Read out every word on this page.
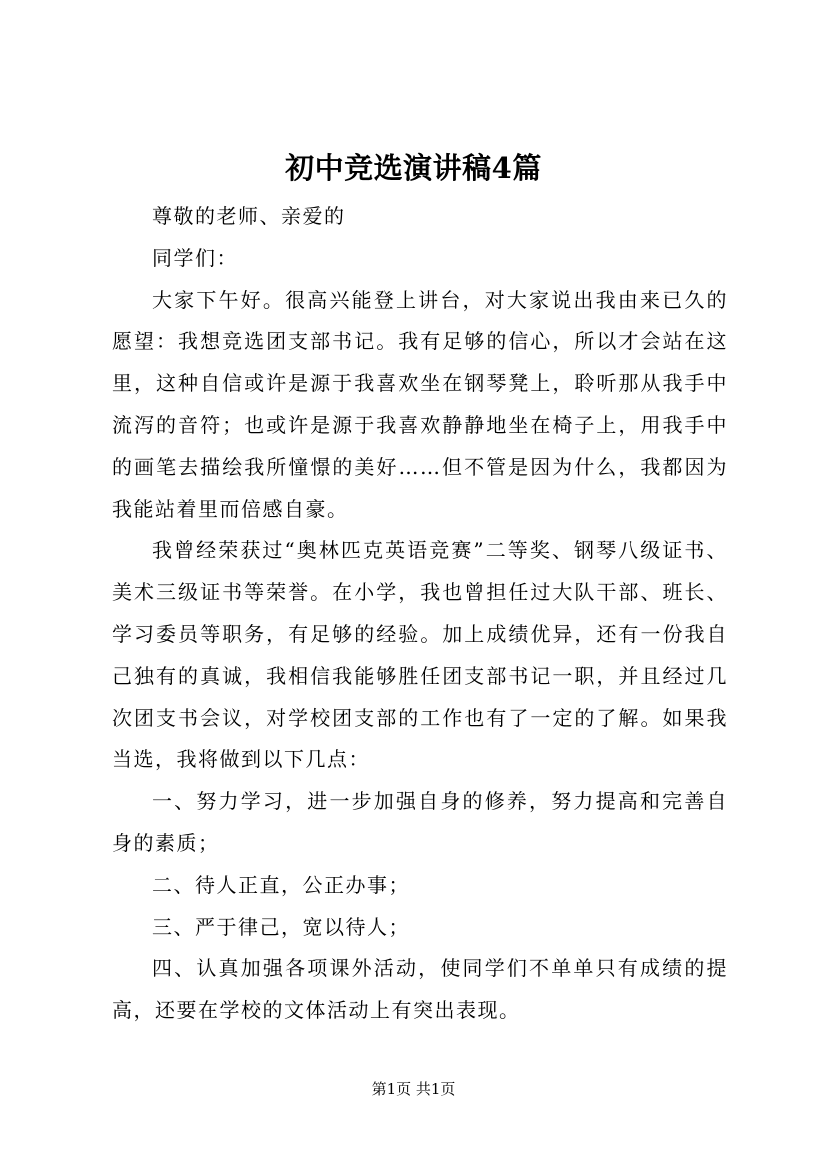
初中竞选演讲稿4篇

尊敬的老师、亲爱的

同学们：

大家下午好。很高兴能登上讲台，对大家说出我由来已久的愿望：我想竞选团支部书记。我有足够的信心，所以才会站在这里，这种自信或许是源于我喜欢坐在钢琴凳上，聆听那从我手中流泻的音符；也或许是源于我喜欢静静地坐在椅子上，用我手中的画笔去描绘我所憧憬的美好……但不管是因为什么，我都因为我能站着里而倍感自豪。

我曾经荣获过“奥林匹克英语竞赛”二等奖、钢琴八级证书、美术三级证书等荣誉。在小学，我也曾担任过大队干部、班长、学习委员等职务，有足够的经验。加上成绩优异，还有一份我自己独有的真诚，我相信我能够胜任团支部书记一职，并且经过几次团支书会议，对学校团支部的工作也有了一定的了解。如果我当选，我将做到以下几点：

一、努力学习，进一步加强自身的修养，努力提高和完善自身的素质；

二、待人正直，公正办事；

三、严于律己，宽以待人；

四、认真加强各项课外活动，使同学们不单单只有成绩的提高，还要在学校的文体活动上有突出表现。

第1页 共1页
